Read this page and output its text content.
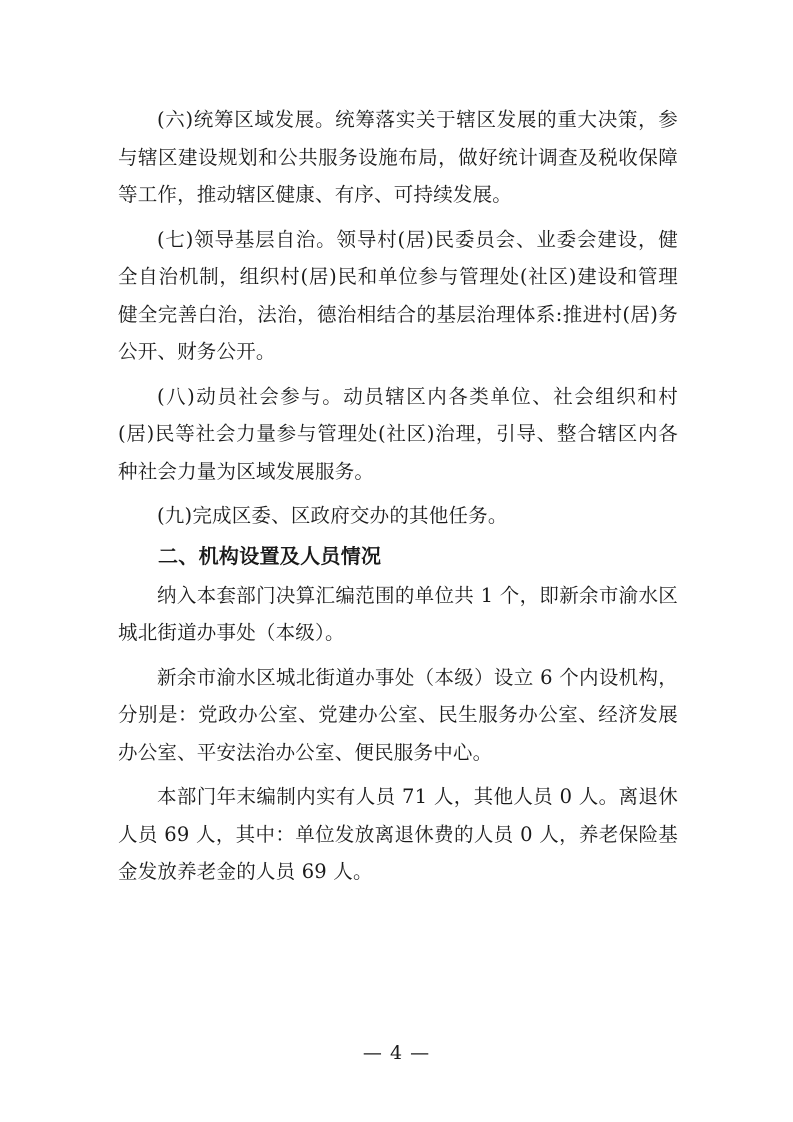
(六)统筹区域发展。统筹落实关于辖区发展的重大决策，参与辖区建设规划和公共服务设施布局，做好统计调查及税收保障等工作，推动辖区健康、有序、可持续发展。

(七)领导基层自治。领导村(居)民委员会、业委会建设，健全自治机制，组织村(居)民和单位参与管理处(社区)建设和管理健全完善白治，法治，德治相结合的基层治理体系:推进村(居)务公开、财务公开。

(八)动员社会参与。动员辖区内各类单位、社会组织和村(居)民等社会力量参与管理处(社区)治理，引导、整合辖区内各种社会力量为区域发展服务。

(九)完成区委、区政府交办的其他任务。

二、机构设置及人员情况

纳入本套部门决算汇编范围的单位共 1 个，即新余市渝水区城北街道办事处（本级）。

新余市渝水区城北街道办事处（本级）设立 6 个内设机构，分别是：党政办公室、党建办公室、民生服务办公室、经济发展办公室、平安法治办公室、便民服务中心。

本部门年末编制内实有人员 71 人，其他人员 0 人。离退休人员 69 人，其中：单位发放离退休费的人员 0 人，养老保险基金发放养老金的人员 69 人。

— 4 —
